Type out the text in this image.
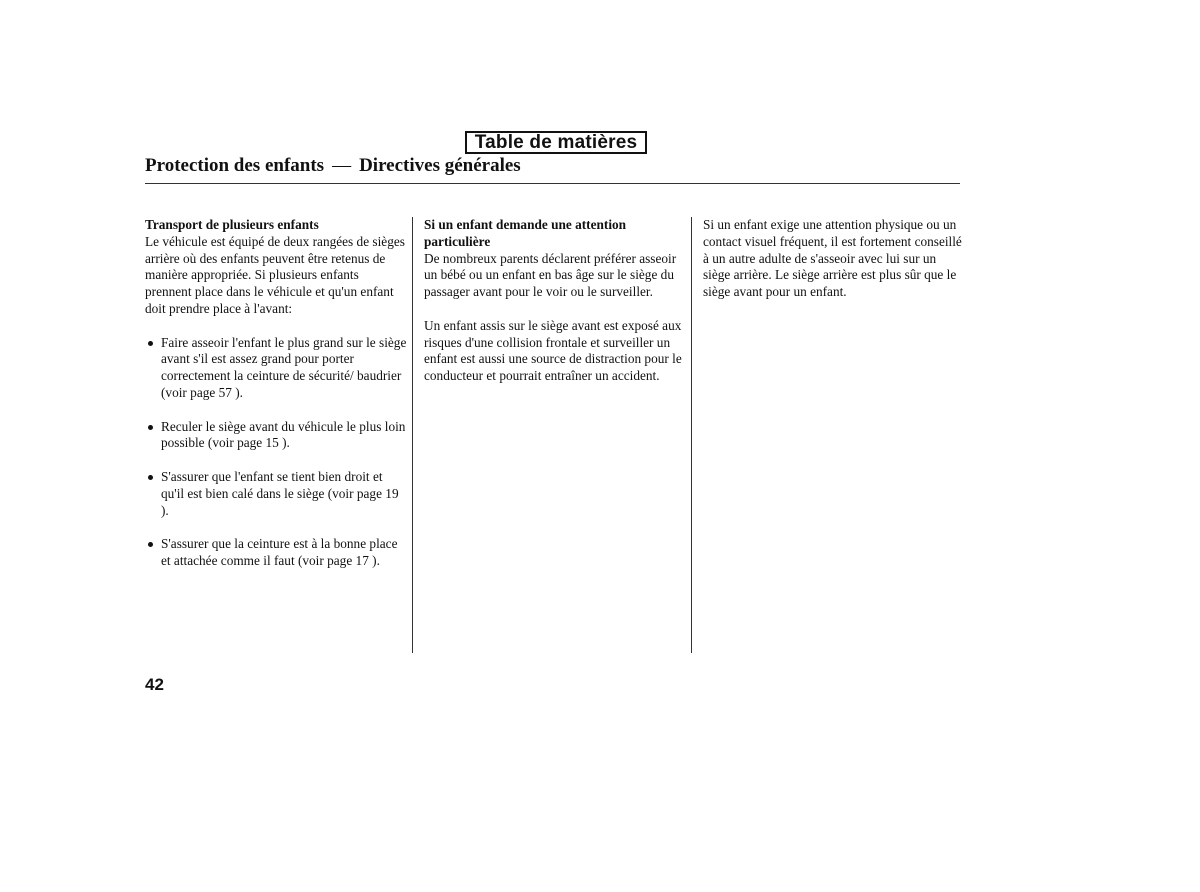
Table de matières
Protection des enfants — Directives générales
Transport de plusieurs enfants

Le véhicule est équipé de deux rangées de sièges arrière où des enfants peuvent être retenus de manière appropriée. Si plusieurs enfants prennent place dans le véhicule et qu'un enfant doit prendre place à l'avant:

Faire asseoir l'enfant le plus grand sur le siège avant s'il est assez grand pour porter correctement la ceinture de sécurité/ baudrier (voir page 57 ).
Reculer le siège avant du véhicule le plus loin possible (voir page 15 ).
S'assurer que l'enfant se tient bien droit et qu'il est bien calé dans le siège (voir page 19 ).
S'assurer que la ceinture est à la bonne place et attachée comme il faut (voir page 17 ).
Si un enfant demande une attention particulière

De nombreux parents déclarent préférer asseoir un bébé ou un enfant en bas âge sur le siège du passager avant pour le voir ou le surveiller.

Un enfant assis sur le siège avant est exposé aux risques d'une collision frontale et surveiller un enfant est aussi une source de distraction pour le conducteur et pourrait entraîner un accident.

Si un enfant exige une attention physique ou un contact visuel fréquent, il est fortement conseillé à un autre adulte de s'asseoir avec lui sur un siège arrière. Le siège arrière est plus sûr que le siège avant pour un enfant.

42
